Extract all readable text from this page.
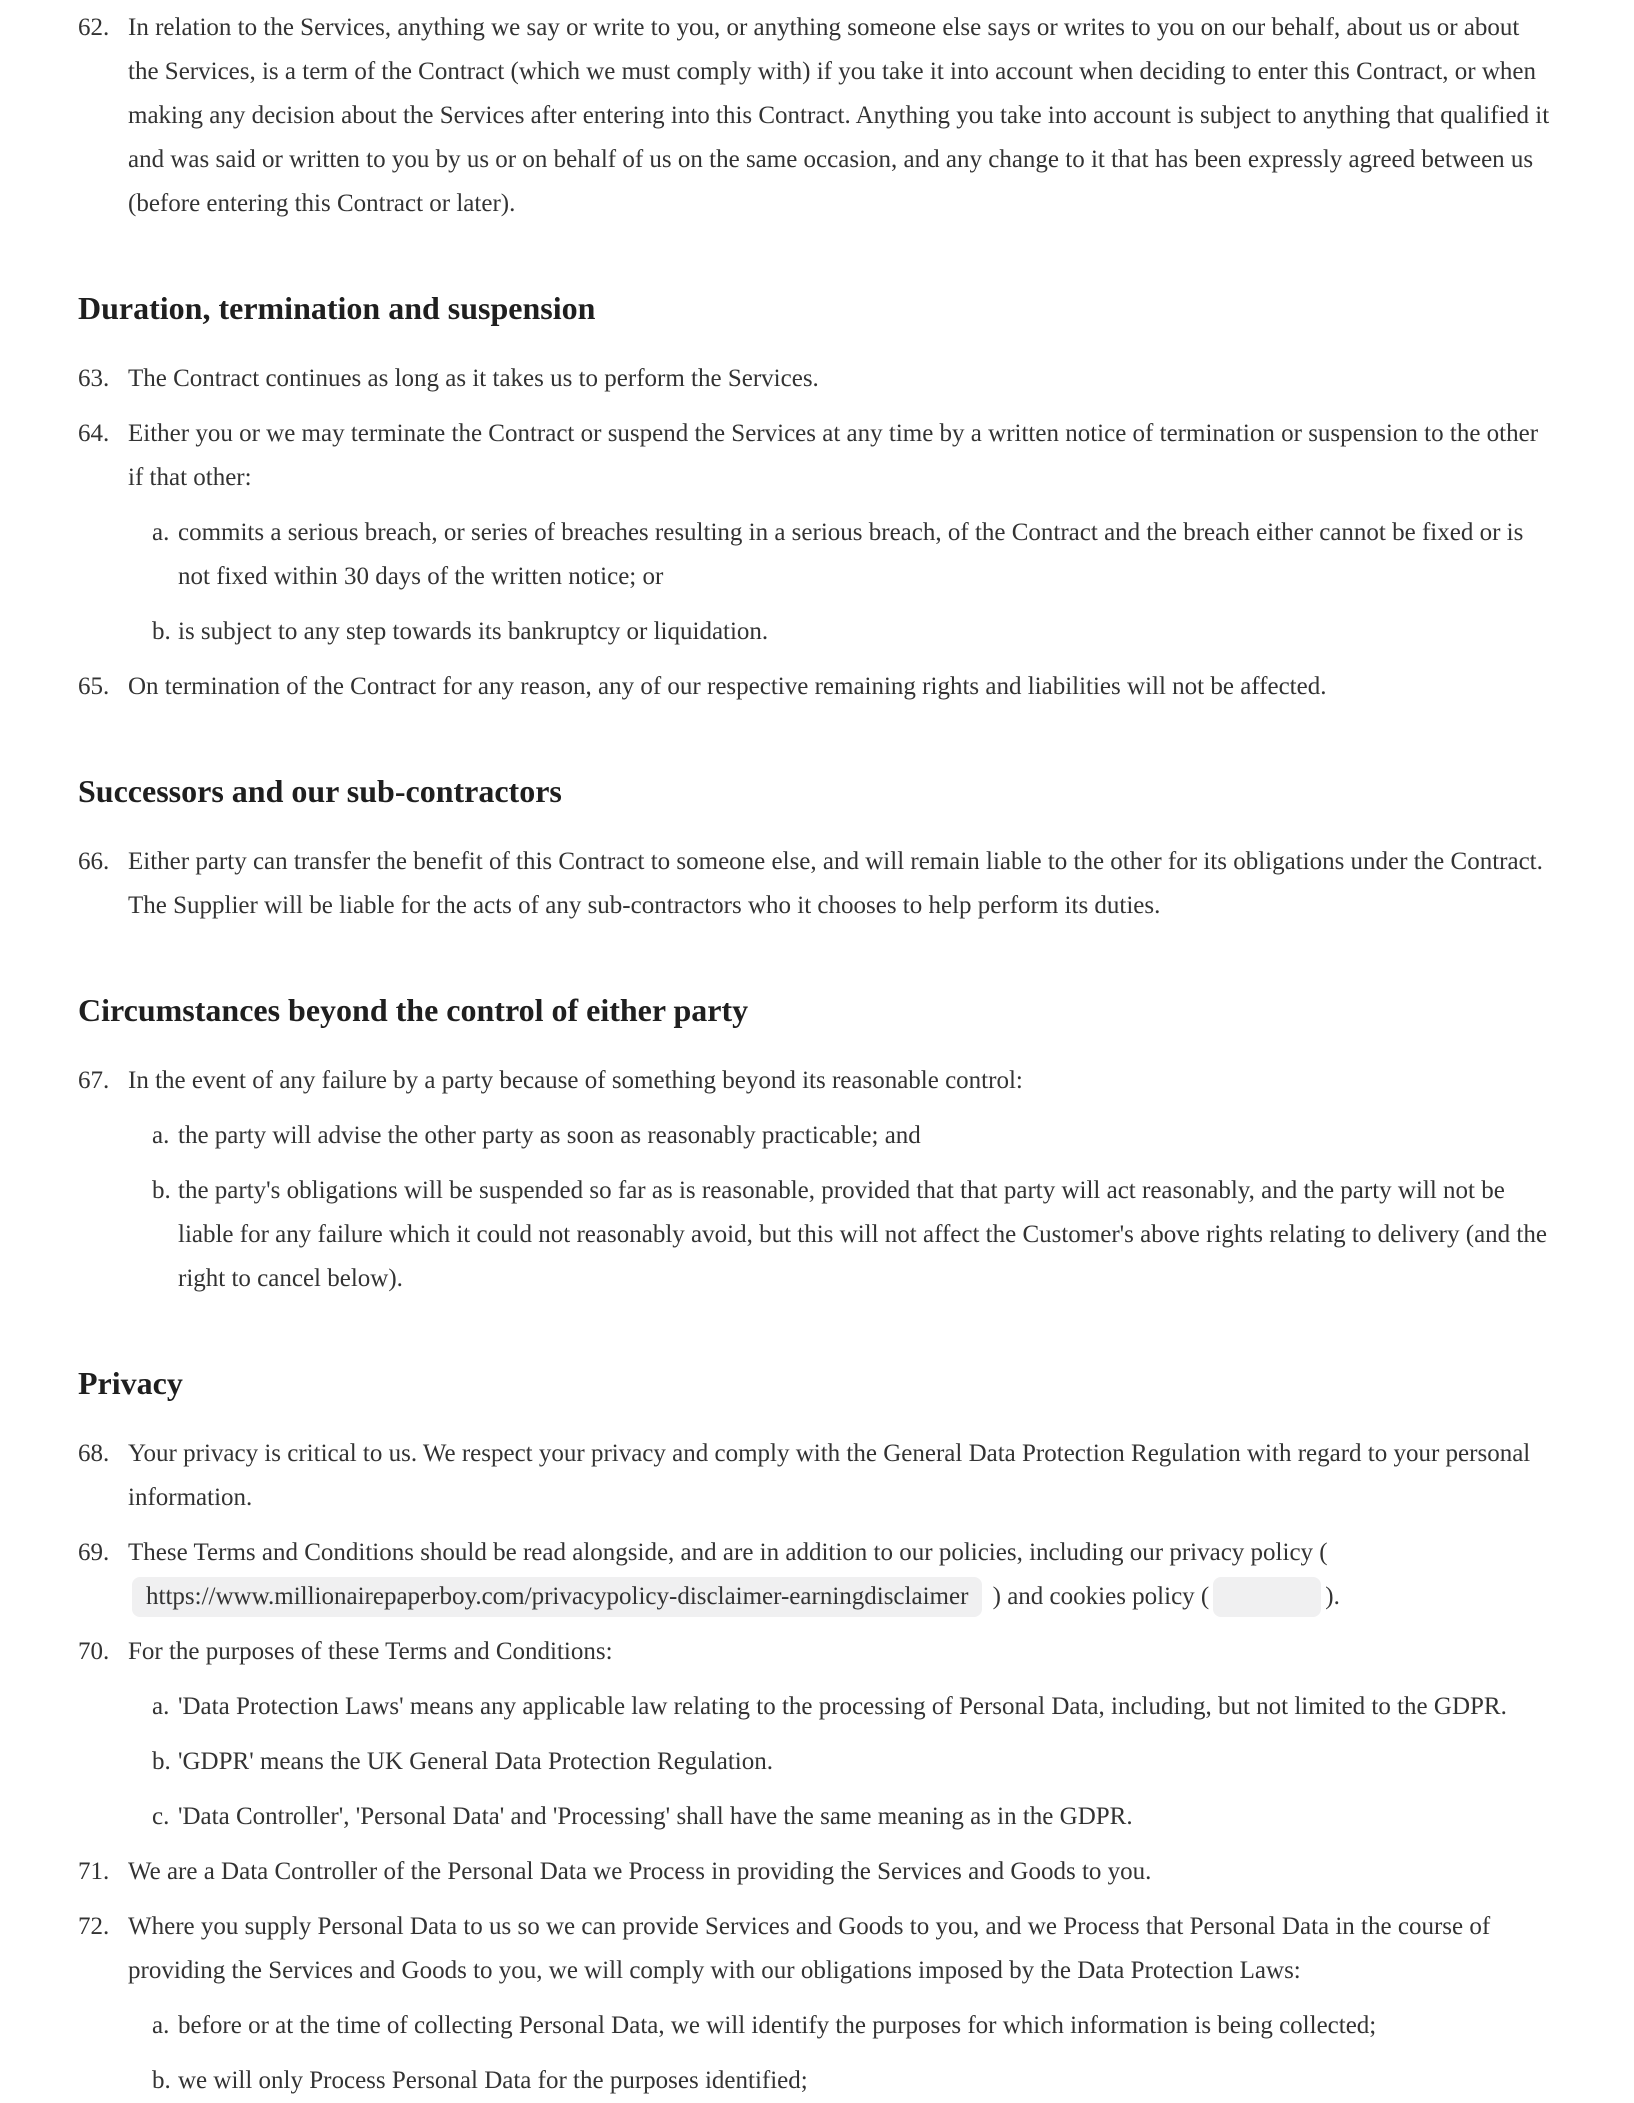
62. In relation to the Services, anything we say or write to you, or anything someone else says or writes to you on our behalf, about us or about the Services, is a term of the Contract (which we must comply with) if you take it into account when deciding to enter this Contract, or when making any decision about the Services after entering into this Contract. Anything you take into account is subject to anything that qualified it and was said or written to you by us or on behalf of us on the same occasion, and any change to it that has been expressly agreed between us (before entering this Contract or later).
Duration, termination and suspension
63. The Contract continues as long as it takes us to perform the Services.
64. Either you or we may terminate the Contract or suspend the Services at any time by a written notice of termination or suspension to the other if that other:
a. commits a serious breach, or series of breaches resulting in a serious breach, of the Contract and the breach either cannot be fixed or is not fixed within 30 days of the written notice; or
b. is subject to any step towards its bankruptcy or liquidation.
65. On termination of the Contract for any reason, any of our respective remaining rights and liabilities will not be affected.
Successors and our sub-contractors
66. Either party can transfer the benefit of this Contract to someone else, and will remain liable to the other for its obligations under the Contract. The Supplier will be liable for the acts of any sub-contractors who it chooses to help perform its duties.
Circumstances beyond the control of either party
67. In the event of any failure by a party because of something beyond its reasonable control:
a. the party will advise the other party as soon as reasonably practicable; and
b. the party's obligations will be suspended so far as is reasonable, provided that that party will act reasonably, and the party will not be liable for any failure which it could not reasonably avoid, but this will not affect the Customer's above rights relating to delivery (and the right to cancel below).
Privacy
68. Your privacy is critical to us. We respect your privacy and comply with the General Data Protection Regulation with regard to your personal information.
69. These Terms and Conditions should be read alongside, and are in addition to our policies, including our privacy policy ( https://www.millionairepaperboy.com/privacypolicy-disclaimer-earningdisclaimer ) and cookies policy (	).
70. For the purposes of these Terms and Conditions:
a. 'Data Protection Laws' means any applicable law relating to the processing of Personal Data, including, but not limited to the GDPR.
b. 'GDPR' means the UK General Data Protection Regulation.
c. 'Data Controller', 'Personal Data' and 'Processing' shall have the same meaning as in the GDPR.
71. We are a Data Controller of the Personal Data we Process in providing the Services and Goods to you.
72. Where you supply Personal Data to us so we can provide Services and Goods to you, and we Process that Personal Data in the course of providing the Services and Goods to you, we will comply with our obligations imposed by the Data Protection Laws:
a. before or at the time of collecting Personal Data, we will identify the purposes for which information is being collected;
b. we will only Process Personal Data for the purposes identified;
